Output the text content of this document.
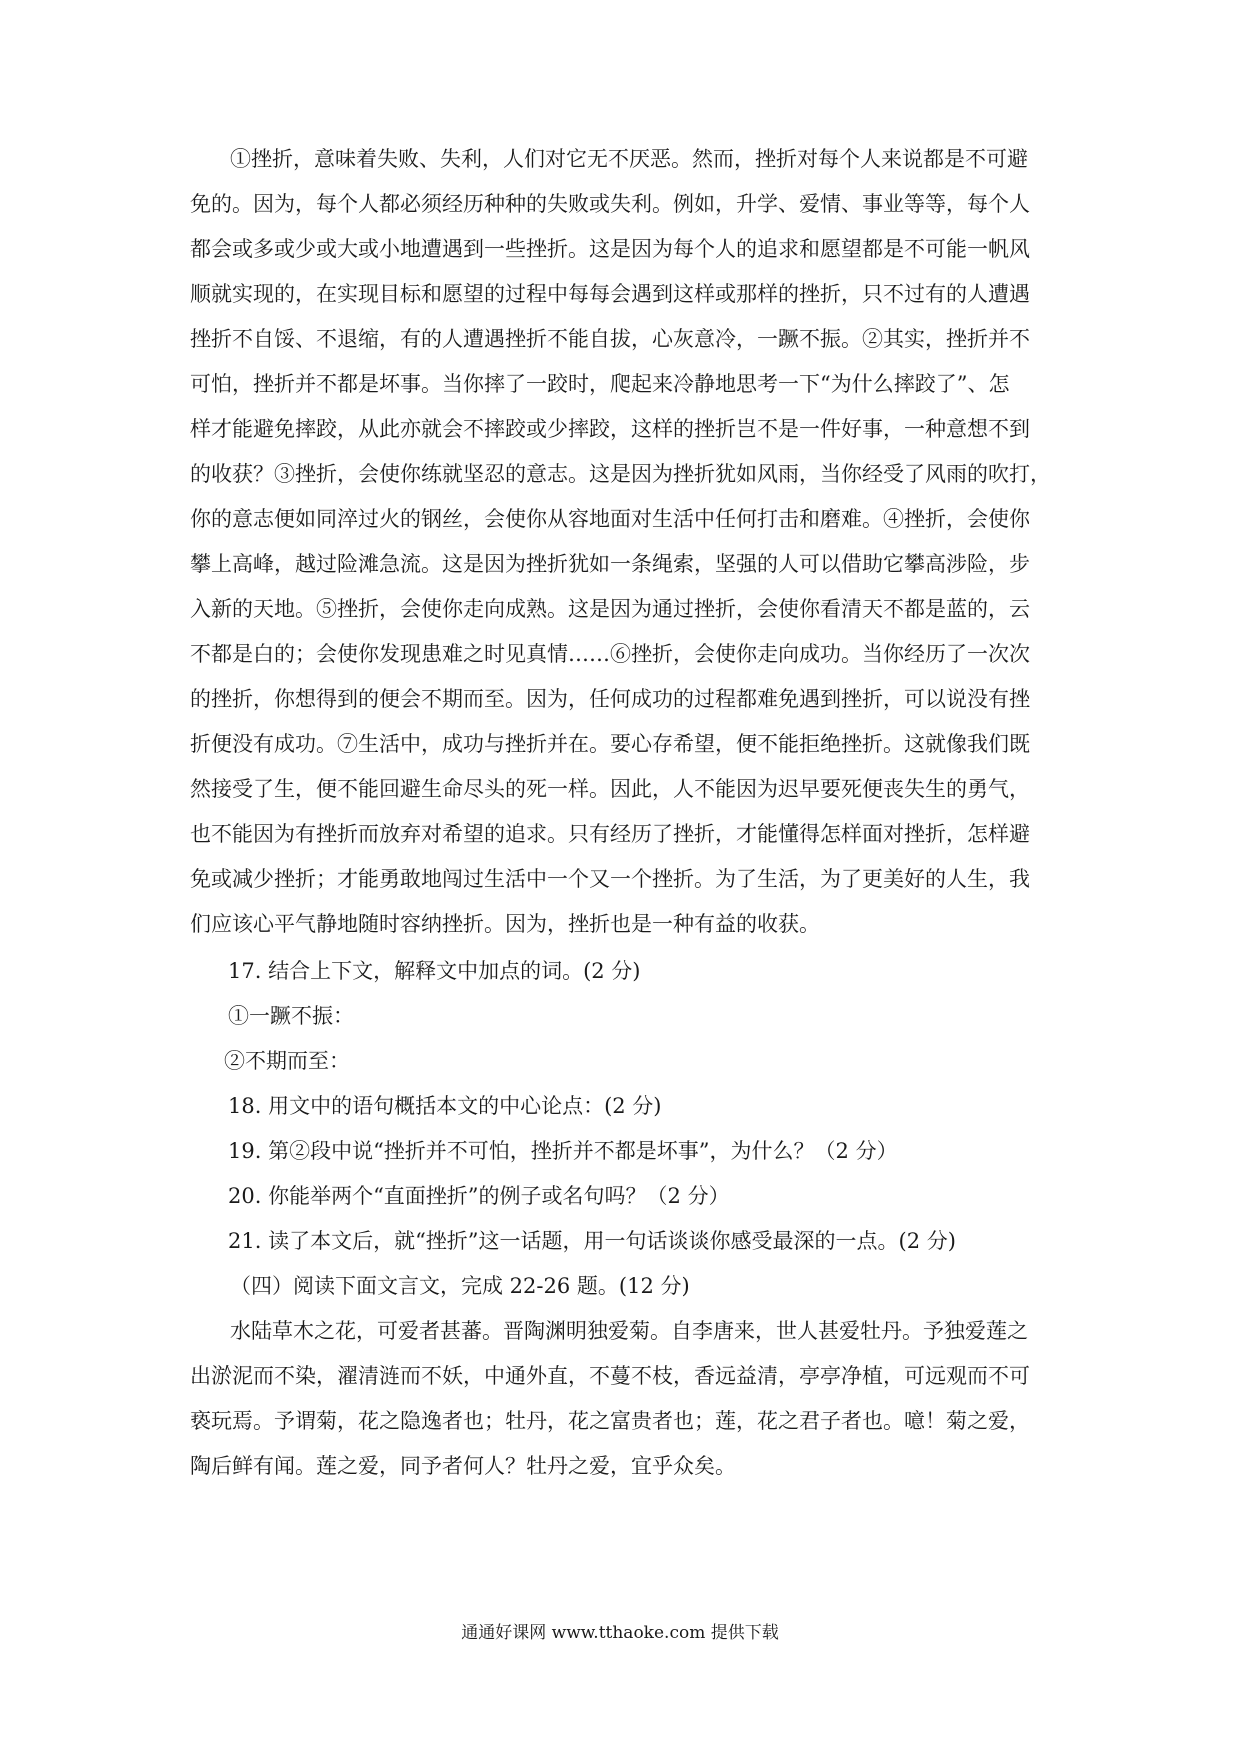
①挫折，意味着失败、失利，人们对它无不厌恶。然而，挫折对每个人来说都是不可避
免的。因为，每个人都必须经历种种的失败或失利。例如，升学、爱情、事业等等，每个人
都会或多或少或大或小地遭遇到一些挫折。这是因为每个人的追求和愿望都是不可能一帆风
顺就实现的，在实现目标和愿望的过程中每每会遇到这样或那样的挫折，只不过有的人遭遇
挫折不自馁、不退缩，有的人遭遇挫折不能自拔，心灰意冷，一蹶不振。②其实，挫折并不
可怕，挫折并不都是坏事。当你摔了一跤时，爬起来冷静地思考一下“为什么摔跤了”、怎
样才能避免摔跤，从此亦就会不摔跤或少摔跤，这样的挫折岂不是一件好事，一种意想不到
的收获？③挫折，会使你练就坚忍的意志。这是因为挫折犹如风雨，当你经受了风雨的吹打，
你的意志便如同淬过火的钢丝，会使你从容地面对生活中任何打击和磨难。④挫折，会使你
攀上高峰，越过险滩急流。这是因为挫折犹如一条绳索，坚强的人可以借助它攀高涉险，步
入新的天地。⑤挫折，会使你走向成熟。这是因为通过挫折，会使你看清天不都是蓝的，云
不都是白的；会使你发现患难之时见真情……⑥挫折，会使你走向成功。当你经历了一次次
的挫折，你想得到的便会不期而至。因为，任何成功的过程都难免遇到挫折，可以说没有挫
折便没有成功。⑦生活中，成功与挫折并在。要心存希望，便不能拒绝挫折。这就像我们既
然接受了生，便不能回避生命尽头的死一样。因此，人不能因为迟早要死便丧失生的勇气，
也不能因为有挫折而放弃对希望的追求。只有经历了挫折，才能懂得怎样面对挫折，怎样避
免或减少挫折；才能勇敢地闯过生活中一个又一个挫折。为了生活，为了更美好的人生，我
们应该心平气静地随时容纳挫折。因为，挫折也是一种有益的收获。
17. 结合上下文，解释文中加点的词。(2 分)
①一蹶不振：
②不期而至：
18. 用文中的语句概括本文的中心论点：(2 分)
19. 第②段中说“挫折并不可怕，挫折并不都是坏事”，为什么？（2 分）
20. 你能举两个“直面挫折”的例子或名句吗？（2 分）
21. 读了本文后，就“挫折”这一话题，用一句话谈谈你感受最深的一点。(2 分)
（四）阅读下面文言文，完成 22-26 题。(12 分)
水陆草木之花，可爱者甚蕃。晋陶渊明独爱菊。自李唐来，世人甚爱牡丹。予独爱莲之
出淤泥而不染，濯清涟而不妖，中通外直，不蔓不枝，香远益清，亭亭净植，可远观而不可
亵玩焉。予谓菊，花之隐逸者也；牡丹，花之富贵者也；莲，花之君子者也。噫！菊之爱，
陶后鲜有闻。莲之爱，同予者何人？牡丹之爱，宜乎众矣。
通通好课网 www.tthaoke.com 提供下载
